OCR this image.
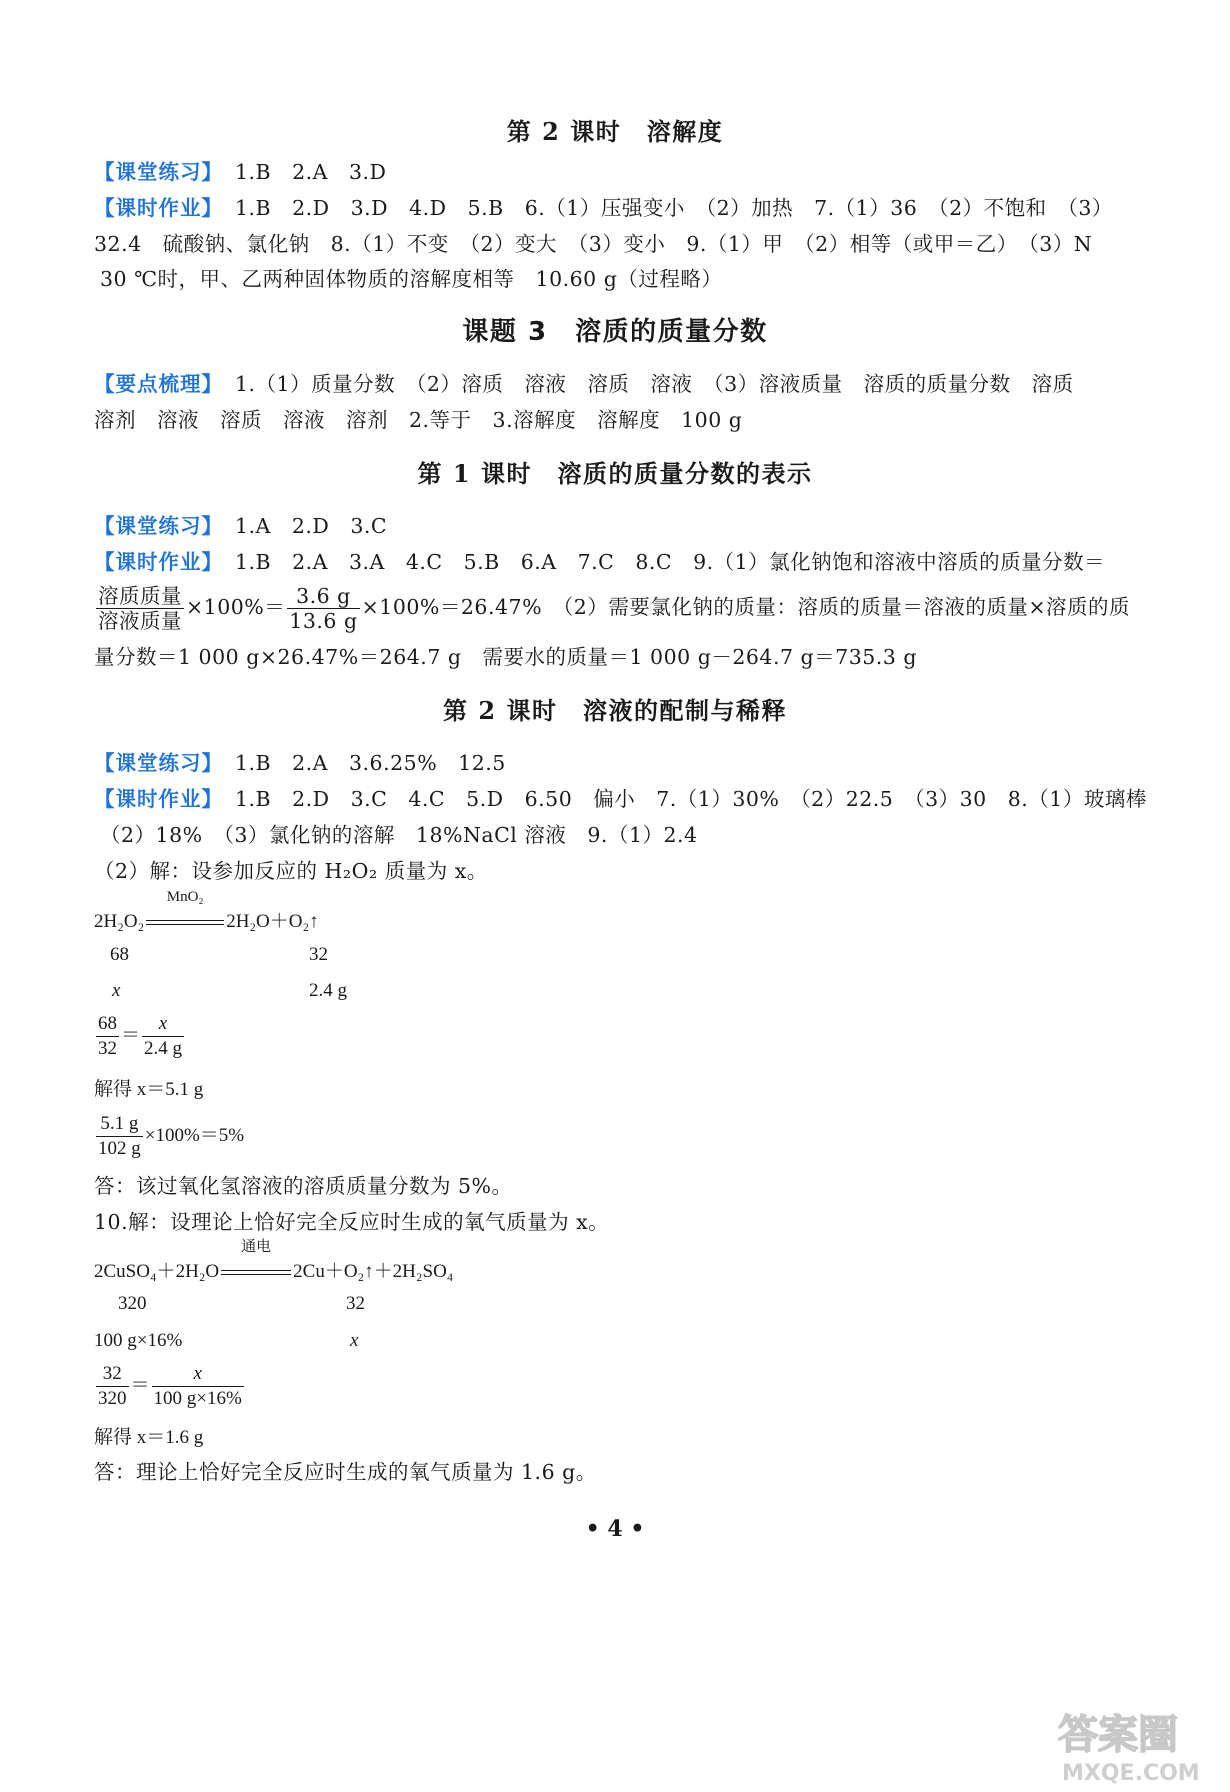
第 2 课时　溶解度
【课堂练习】 1.B　2.A　3.D
【课时作业】 1.B　2.D　3.D　4.D　5.B　6.（1）压强变小　（2）加热　7.（1）36　（2）不饱和　（3）
32.4　硫酸钠、氯化钠　8.（1）不变　（2）变大　（3）变小　9.（1）甲　（2）相等（或甲＝乙）　（3）N
30 ℃时，甲、乙两种固体物质的溶解度相等　10.60 g（过程略）
课题 3　溶质的质量分数
【要点梳理】 1.（1）质量分数　（2）溶质　溶液　溶质　溶液　（3）溶液质量　溶质的质量分数　溶质
溶剂　溶液　溶质　溶液　溶剂　2.等于　3.溶解度　溶解度　100 g
第 1 课时　溶质的质量分数的表示
【课堂练习】 1.A　2.D　3.C
【课时作业】 1.B　2.A　3.A　4.C　5.B　6.A　7.C　8.C　9.（1）氯化钠饱和溶液中溶质的质量分数＝
$\frac{\text{溶质质量}}{\text{溶液质量}} \times 100\%= \frac{3.6 g}{13.6 g} \times 100\%=26.47\%$　（2）需要氯化钠的质量：溶质的质量＝溶液的质量×溶质的质
量分数＝1 000 g×26.47%＝264.7 g　需要水的质量＝1 000 g－264.7 g＝735.3 g
第 2 课时　溶液的配制与稀释
【课堂练习】 1.B　2.A　3.6.25%　12.5
【课时作业】 1.B　2.D　3.C　4.C　5.D　6.50　偏小　7.（1）30%　（2）22.5　（3）30　8.（1）玻璃棒
（2）18%　（3）氯化钠的溶解　18%NaCl 溶液　9.（1）2.4
（2）解：设参加反应的 H₂O₂ 质量为 x。
2H₂O₂
MnO₂
2H₂O＋O₂↑
68	32
x	2.4 g
$\frac{68}{32} = \frac{x}{2.4 g}$
解得 x＝5.1 g
$\frac{5.1 g}{102 g} \times 100\%=5\%$
答：该过氧化氢溶液的溶质质量分数为 5%。
10.解：设理论上恰好完全反应时生成的氧气质量为 x。
2CuSO₄＋2H₂O
通电
2Cu＋O₂↑＋2H₂SO₄
320	32
100 g×16%	x
$\frac{32}{320} = \frac{x}{100 g\times 16\%}$
解得 x＝1.6 g
答：理论上恰好完全反应时生成的氧气质量为 1.6 g。
• 4 •
答案圈
MXQE.COM
